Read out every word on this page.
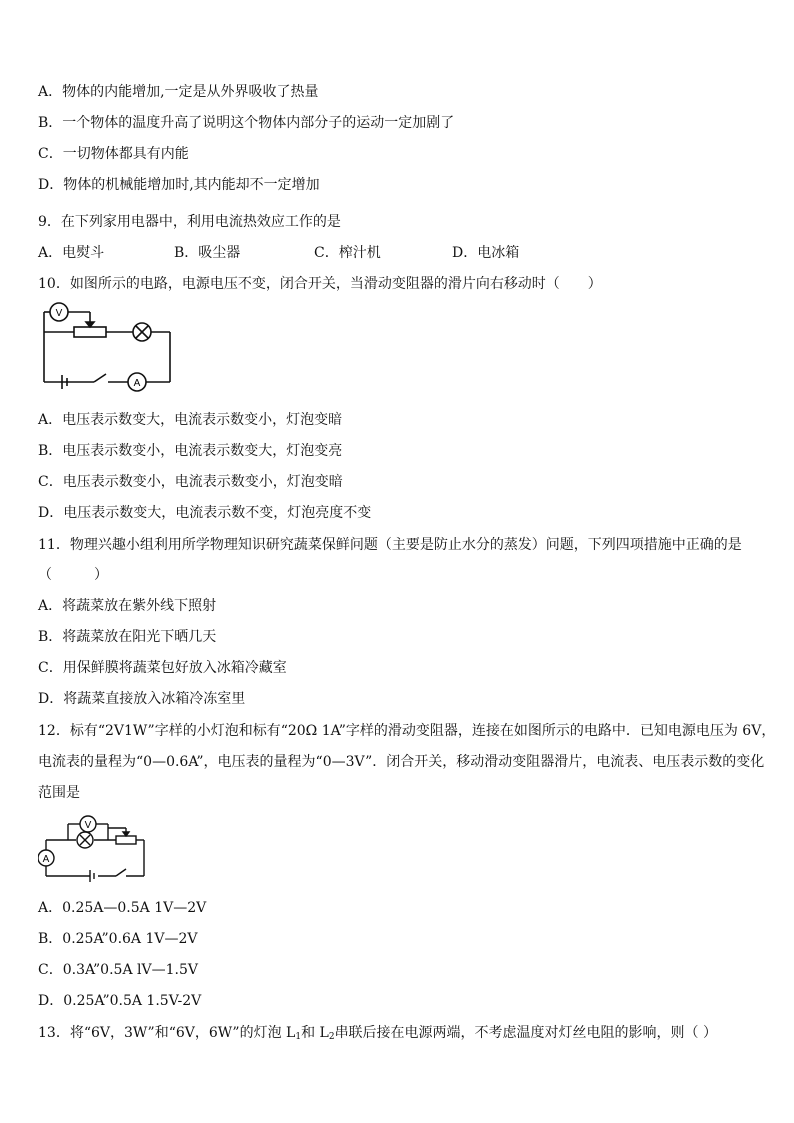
A．物体的内能增加,一定是从外界吸收了热量
B．一个物体的温度升高了说明这个物体内部分子的运动一定加剧了
C．一切物体都具有内能
D．物体的机械能增加时,其内能却不一定增加
9．在下列家用电器中，利用电流热效应工作的是
A．电熨斗	B．吸尘器	C．榨汁机	D．电冰箱
10．如图所示的电路，电源电压不变，闭合开关，当滑动变阻器的滑片向右移动时（　　）
V
A
A．电压表示数变大，电流表示数变小，灯泡变暗
B．电压表示数变小，电流表示数变大，灯泡变亮
C．电压表示数变小，电流表示数变小，灯泡变暗
D．电压表示数变大，电流表示数不变，灯泡亮度不变
11．物理兴趣小组利用所学物理知识研究蔬菜保鲜问题（主要是防止水分的蒸发）问题，下列四项措施中正确的是
（　　　）
A．将蔬菜放在紫外线下照射
B．将蔬菜放在阳光下晒几天
C．用保鲜膜将蔬菜包好放入冰箱冷藏室
D．将蔬菜直接放入冰箱冷冻室里
12．标有“2V1W”字样的小灯泡和标有“20Ω 1A”字样的滑动变阻器，连接在如图所示的电路中．已知电源电压为 6V，
电流表的量程为“0—0.6A”，电压表的量程为“0—3V”．闭合开关，移动滑动变阻器滑片，电流表、电压表示数的变化
范围是
V
A
A．0.25A—0.5A 1V—2V
B．0.25A”0.6A 1V—2V
C．0.3A”0.5A lV—1.5V
D．0.25A”0.5A 1.5V-2V
13．将“6V，3W”和“6V，6W”的灯泡 $L_1$和 $L_2$串联后接在电源两端，不考虑温度对灯丝电阻的影响，则（ ）
